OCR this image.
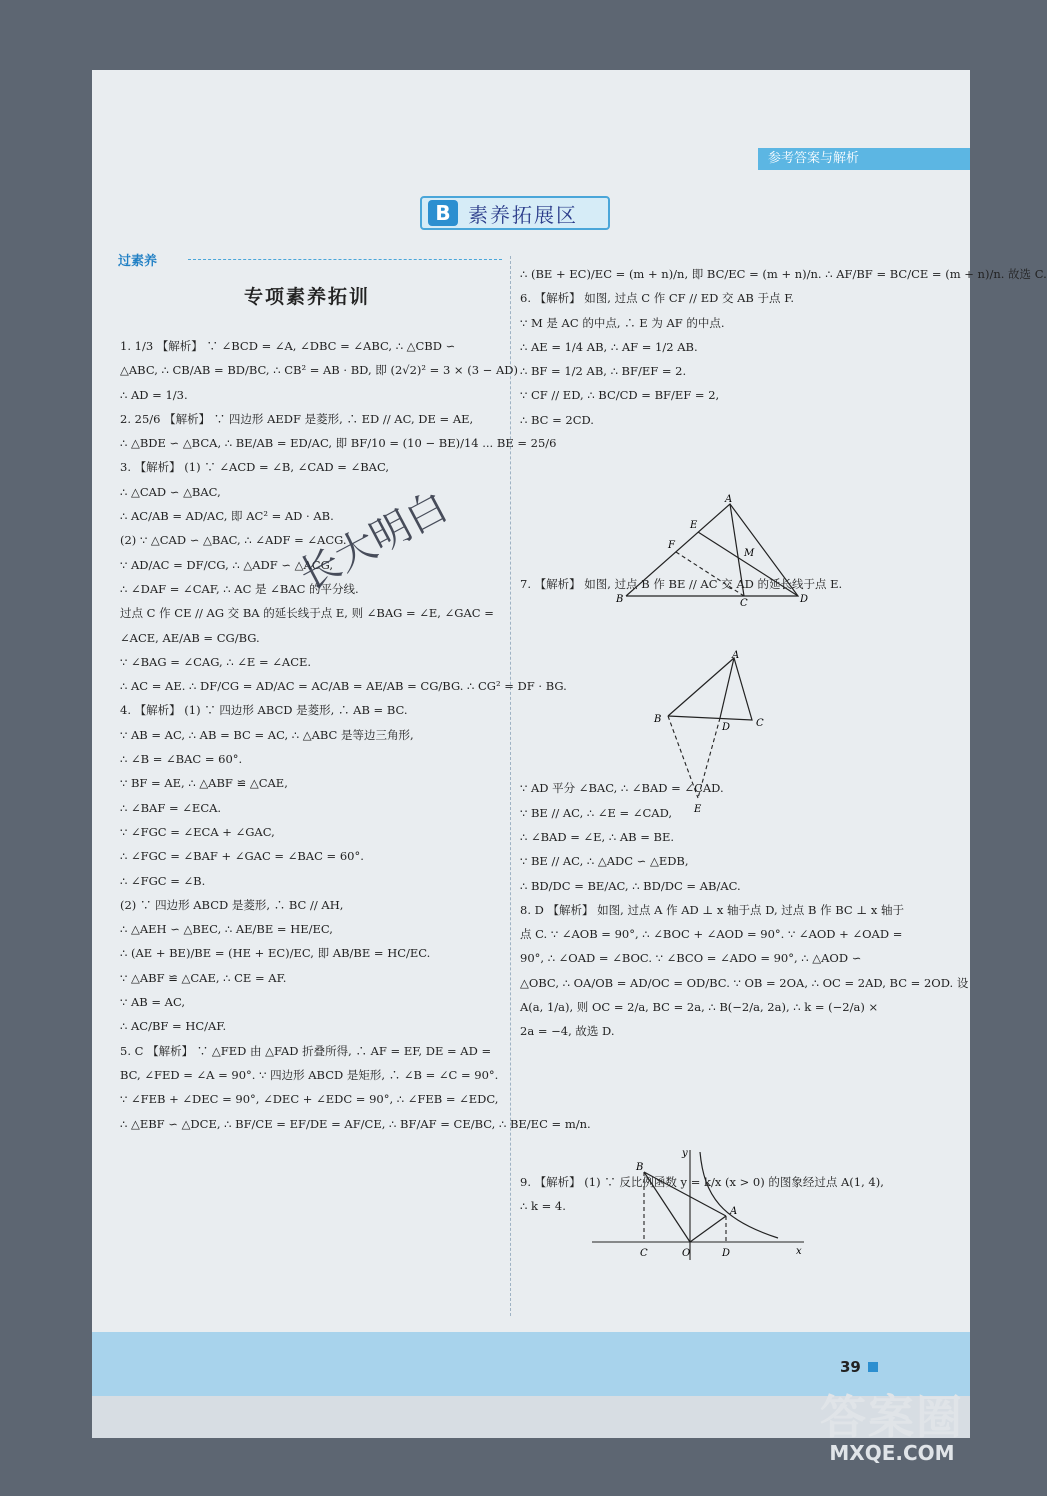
参考答案与解析
B 素养拓展区
过素养
专项素养拓训
1. 1/3 【解析】 ∵ ∠BCD = ∠A, ∠DBC = ∠ABC, ∴ △CBD ∽
△ABC, ∴ CB/AB = BD/BC, ∴ CB² = AB · BD, 即 (2√2)² = 3 × (3 − AD)
∴ AD = 1/3.
2. 25/6 【解析】 ∵ 四边形 AEDF 是菱形, ∴ ED // AC, DE = AE,
∴ △BDE ∽ △BCA, ∴ BE/AB = ED/AC, 即 BF/10 = (10 − BE)/14 ... BE = 25/6
3. 【解析】 (1) ∵ ∠ACD = ∠B, ∠CAD = ∠BAC,
∴ △CAD ∽ △BAC,
∴ AC/AB = AD/AC, 即 AC² = AD · AB.
(2) ∵ △CAD ∽ △BAC, ∴ ∠ADF = ∠ACG.
∵ AD/AC = DF/CG, ∴ △ADF ∽ △ACG,
∴ ∠DAF = ∠CAF, ∴ AC 是 ∠BAC 的平分线.
过点 C 作 CE // AG 交 BA 的延长线于点 E, 则 ∠BAG = ∠E, ∠GAC =
∠ACE, AE/AB = CG/BG.
∵ ∠BAG = ∠CAG, ∴ ∠E = ∠ACE.
∴ AC = AE. ∴ DF/CG = AD/AC = AC/AB = AE/AB = CG/BG. ∴ CG² = DF · BG.
4. 【解析】 (1) ∵ 四边形 ABCD 是菱形, ∴ AB = BC.
∵ AB = AC, ∴ AB = BC = AC, ∴ △ABC 是等边三角形,
∴ ∠B = ∠BAC = 60°.
∵ BF = AE, ∴ △ABF ≌ △CAE,
∴ ∠BAF = ∠ECA.
∵ ∠FGC = ∠ECA + ∠GAC,
∴ ∠FGC = ∠BAF + ∠GAC = ∠BAC = 60°.
∴ ∠FGC = ∠B.
(2) ∵ 四边形 ABCD 是菱形, ∴ BC // AH,
∴ △AEH ∽ △BEC, ∴ AE/BE = HE/EC,
∴ (AE + BE)/BE = (HE + EC)/EC, 即 AB/BE = HC/EC.
∵ △ABF ≌ △CAE, ∴ CE = AF.
∵ AB = AC,
∴ AC/BF = HC/AF.
5. C 【解析】 ∵ △FED 由 △FAD 折叠所得, ∴ AF = EF, DE = AD =
BC, ∠FED = ∠A = 90°. ∵ 四边形 ABCD 是矩形, ∴ ∠B = ∠C = 90°.
∵ ∠FEB + ∠DEC = 90°, ∠DEC + ∠EDC = 90°, ∴ ∠FEB = ∠EDC,
∴ △EBF ∽ △DCE, ∴ BF/CE = EF/DE = AF/CE, ∴ BF/AF = CE/BC, ∴ BE/EC = m/n.
∴ (BE + EC)/EC = (m + n)/n, 即 BC/EC = (m + n)/n. ∴ AF/BF = BC/CE = (m + n)/n. 故选 C.
6. 【解析】 如图, 过点 C 作 CF // ED 交 AB 于点 F.
∵ M 是 AC 的中点, ∴ E 为 AF 的中点.
∴ AE = 1/4 AB, ∴ AF = 1/2 AB.
∴ BF = 1/2 AB, ∴ BF/EF = 2.
∵ CF // ED, ∴ BC/CD = BF/EF = 2,
∴ BC = 2CD.
7. 【解析】 如图, 过点 B 作 BE // AC 交 AD 的延长线于点 E.
∵ AD 平分 ∠BAC, ∴ ∠BAD = ∠CAD.
∵ BE // AC, ∴ ∠E = ∠CAD,
∴ ∠BAD = ∠E, ∴ AB = BE.
∵ BE // AC, ∴ △ADC ∽ △EDB,
∴ BD/DC = BE/AC, ∴ BD/DC = AB/AC.
8. D 【解析】 如图, 过点 A 作 AD ⊥ x 轴于点 D, 过点 B 作 BC ⊥ x 轴于
点 C. ∵ ∠AOB = 90°, ∴ ∠BOC + ∠AOD = 90°. ∵ ∠AOD + ∠OAD =
90°, ∴ ∠OAD = ∠BOC. ∵ ∠BCO = ∠ADO = 90°, ∴ △AOD ∽
△OBC, ∴ OA/OB = AD/OC = OD/BC. ∵ OB = 2OA, ∴ OC = 2AD, BC = 2OD. 设
A(a, 1/a), 则 OC = 2/a, BC = 2a, ∴ B(−2/a, 2a), ∴ k = (−2/a) ×
2a = −4, 故选 D.
9. 【解析】 (1) ∵ 反比例函数 y = k/x (x > 0) 的图象经过点 A(1, 4),
∴ k = 4.
A
B	C	D
E
F
M
A
B	C
D
E
B
A
C	O	D	x
y
长大明白
39
答案圈
MXQE.COM
